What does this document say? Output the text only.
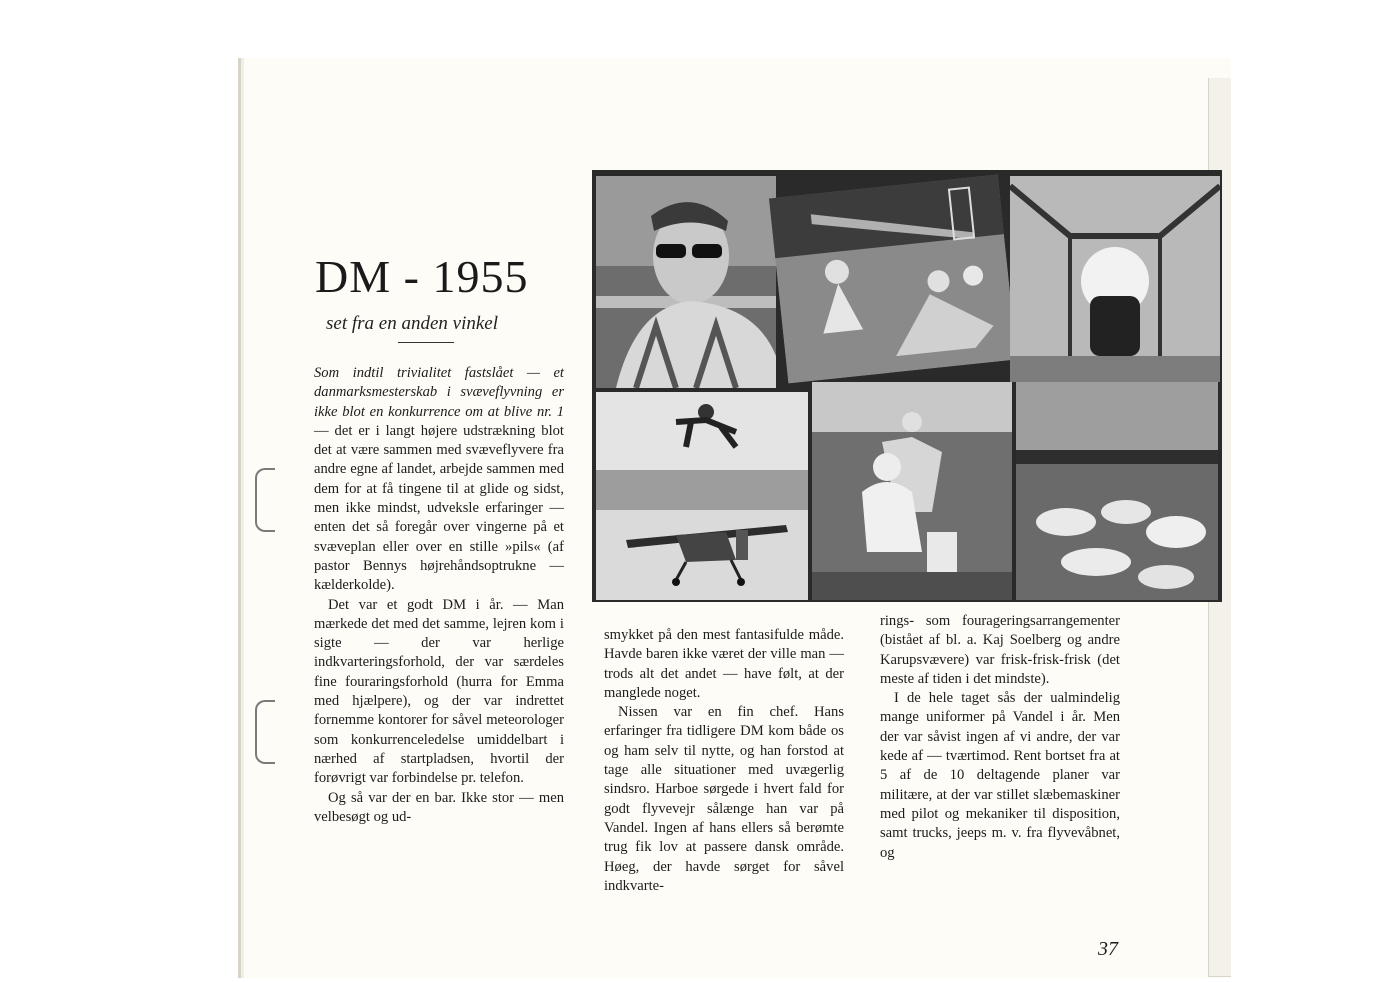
DM - 1955
set fra en anden vinkel

Som indtil trivialitet fastslået — et danmarksmesterskab i svæveflyvning er ikke blot en konkurrence om at blive nr. 1 — det er i langt højere udstrækning blot det at være sammen med svæveflyvere fra andre egne af landet, arbejde sammen med dem for at få tingene til at glide og sidst, men ikke mindst, udveksle erfaringer — enten det så foregår over vingerne på et svæveplan eller over en stille »pils« (af pastor Bennys højrehåndsoptrukne — kælderkolde).

Det var et godt DM i år. — Man mærkede det med det samme, lejren kom i sigte — der var herlige indkvarteringsforhold, der var særdeles fine fouraringsforhold (hurra for Emma med hjælpere), og der var indrettet fornemme kontorer for såvel meteorologer som konkurrenceledelse umiddelbart i nærhed af startpladsen, hvortil der forøvrigt var forbindelse pr. telefon.

Og så var der en bar. Ikke stor — men velbesøgt og ud-

smykket på den mest fantasifulde måde. Havde baren ikke været der ville man — trods alt det andet — have følt, at der manglede noget.

Nissen var en fin chef. Hans erfaringer fra tidligere DM kom både os og ham selv til nytte, og han forstod at tage alle situationer med uvægerlig sindsro. Harboe sørgede i hvert fald for godt flyvevejr sålænge han var på Vandel. Ingen af hans ellers så berømte trug fik lov at passere dansk område. Høeg, der havde sørget for såvel indkvarte-

rings- som fourageringsarrangementer (bistået af bl. a. Kaj Soelberg og andre Karupsvævere) var frisk-frisk-frisk (det meste af tiden i det mindste).

I de hele taget sås der ualmindelig mange uniformer på Vandel i år. Men der var såvist ingen af vi andre, der var kede af — tværtimod. Rent bortset fra at 5 af de 10 deltagende planer var militære, at der var stillet slæbemaskiner med pilot og mekaniker til disposition, samt trucks, jeeps m. v. fra flyvevåbnet, og

37
